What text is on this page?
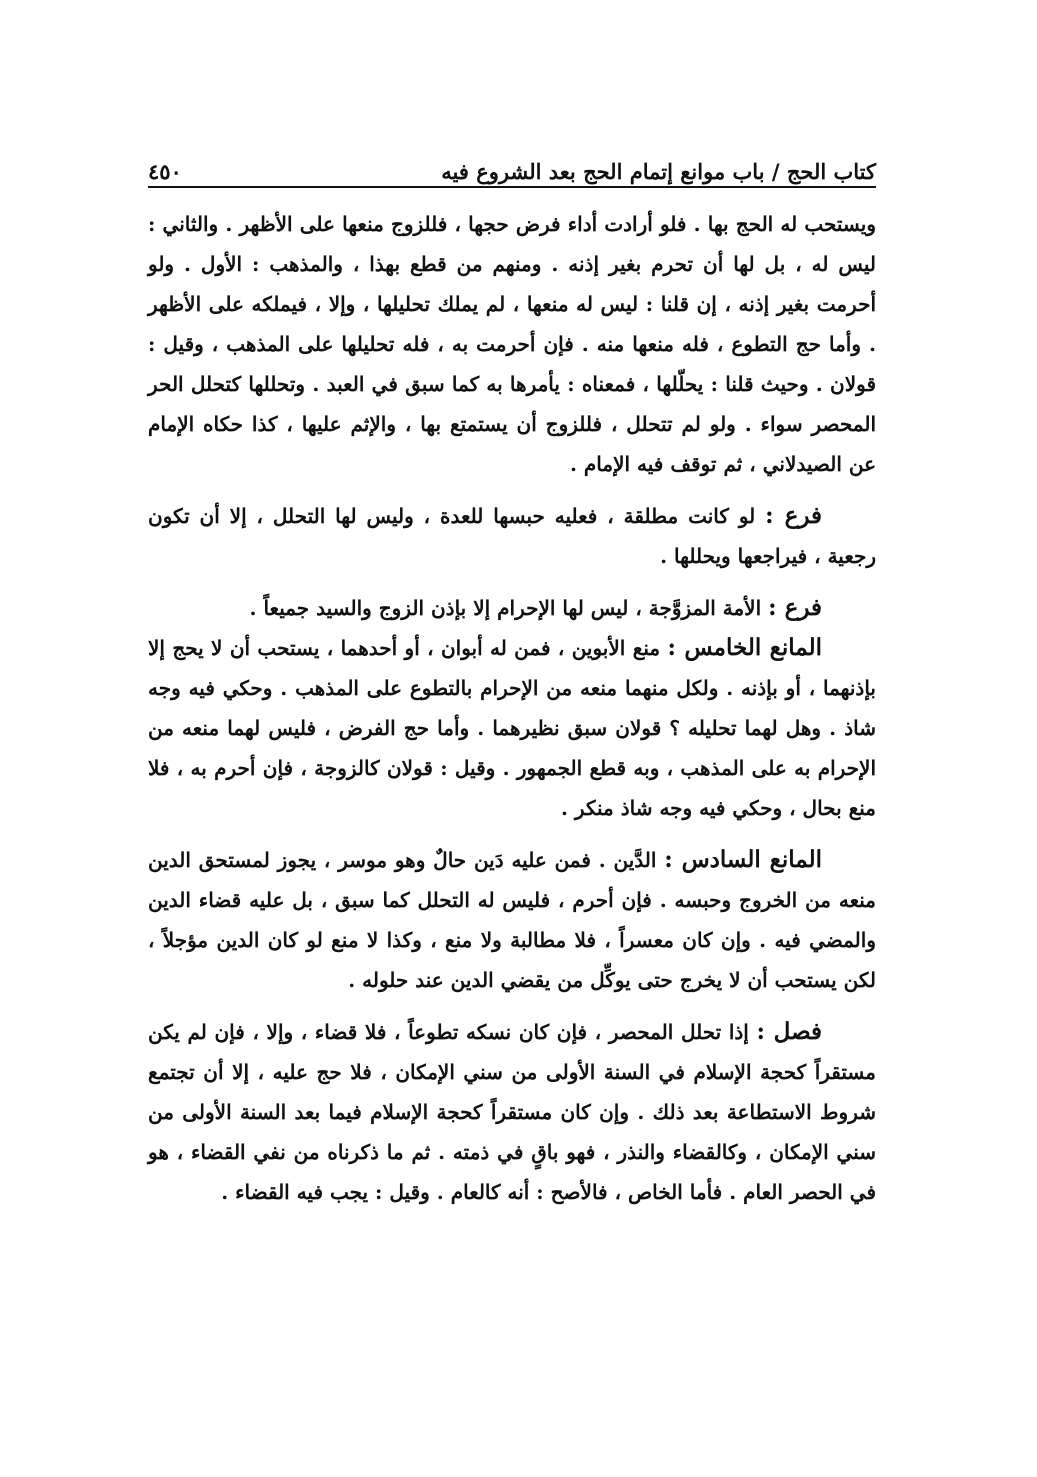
كتاب الحج / باب موانع إتمام الحج بعد الشروع فيه
٤٥٠

ويستحب له الحج بها . فلو أرادت أداء فرض حجها ، فللزوج منعها على الأظهر . والثاني : ليس له ، بل لها أن تحرم بغير إذنه . ومنهم من قطع بهذا ، والمذهب : الأول . ولو أحرمت بغير إذنه ، إن قلنا : ليس له منعها ، لم يملك تحليلها ، وإلا ، فيملكه على الأظهر . وأما حج التطوع ، فله منعها منه . فإن أحرمت به ، فله تحليلها على المذهب ، وقيل : قولان . وحيث قلنا : يحلّلها ، فمعناه : يأمرها به كما سبق في العبد . وتحللها كتحلل الحر المحصر سواء . ولو لم تتحلل ، فللزوج أن يستمتع بها ، والإثم عليها ، كذا حكاه الإمام عن الصيدلاني ، ثم توقف فيه الإمام .

فرع : لو كانت مطلقة ، فعليه حبسها للعدة ، وليس لها التحلل ، إلا أن تكون رجعية ، فيراجعها ويحللها .

فرع : الأمة المزوَّجة ، ليس لها الإحرام إلا بإذن الزوج والسيد جميعاً .

المانع الخامس : منع الأبوين ، فمن له أبوان ، أو أحدهما ، يستحب أن لا يحج إلا بإذنهما ، أو بإذنه . ولكل منهما منعه من الإحرام بالتطوع على المذهب . وحكي فيه وجه شاذ . وهل لهما تحليله ؟ قولان سبق نظيرهما . وأما حج الفرض ، فليس لهما منعه من الإحرام به على المذهب ، وبه قطع الجمهور . وقيل : قولان كالزوجة ، فإن أحرم به ، فلا منع بحال ، وحكي فيه وجه شاذ منكر .

المانع السادس : الدَّين . فمن عليه دَين حالٌ وهو موسر ، يجوز لمستحق الدين منعه من الخروج وحبسه . فإن أحرم ، فليس له التحلل كما سبق ، بل عليه قضاء الدين والمضي فيه . وإن كان معسراً ، فلا مطالبة ولا منع ، وكذا لا منع لو كان الدين مؤجلاً ، لكن يستحب أن لا يخرج حتى يوكِّل من يقضي الدين عند حلوله .

فصل : إذا تحلل المحصر ، فإن كان نسكه تطوعاً ، فلا قضاء ، وإلا ، فإن لم يكن مستقراً كحجة الإسلام في السنة الأولى من سني الإمكان ، فلا حج عليه ، إلا أن تجتمع شروط الاستطاعة بعد ذلك . وإن كان مستقراً كحجة الإسلام فيما بعد السنة الأولى من سني الإمكان ، وكالقضاء والنذر ، فهو باقٍ في ذمته . ثم ما ذكرناه من نفي القضاء ، هو في الحصر العام . فأما الخاص ، فالأصح : أنه كالعام . وقيل : يجب فيه القضاء .
